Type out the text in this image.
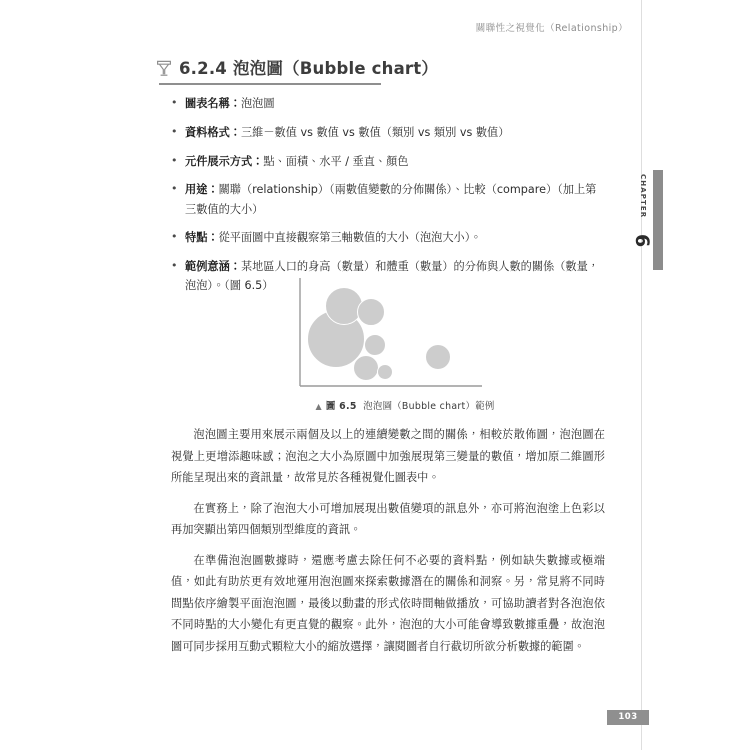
關聯性之視覺化（Relationship）
CHAPTER
6
6.2.4 泡泡圖（Bubble chart）
• 圖表名稱：泡泡圖
• 資料格式：三維－數值 vs 數值 vs 數值（類別 vs 類別 vs 數值）
• 元件展示方式：點、面積、水平 / 垂直、顏色
• 用途：關聯（relationship）（兩數值變數的分佈關係）、比較（compare）（加上第三數值的大小）
• 特點：從平面圖中直接觀察第三軸數值的大小（泡泡大小）。
• 範例意涵：某地區人口的身高（數量）和體重（數量）的分佈與人數的關係（數量，泡泡）。（圖 6.5）
▲ 圖 6.5 泡泡圖（Bubble chart）範例

泡泡圖主要用來展示兩個及以上的連續變數之間的關係，相較於散佈圖，泡泡圖在視覺上更增添趣味感；泡泡之大小為原圖中加強展現第三變量的數值，增加原二維圖形所能呈現出來的資訊量，故常見於各種視覺化圖表中。

在實務上，除了泡泡大小可增加展現出數值變項的訊息外，亦可將泡泡塗上色彩以再加突顯出第四個類別型維度的資訊。

在準備泡泡圖數據時，還應考慮去除任何不必要的資料點，例如缺失數據或極端值，如此有助於更有效地運用泡泡圖來探索數據潛在的關係和洞察。另，常見將不同時間點依序繪製平面泡泡圖，最後以動畫的形式依時間軸做播放，可協助讀者對各泡泡依不同時點的大小變化有更直覺的觀察。此外，泡泡的大小可能會導致數據重疊，故泡泡圖可同步採用互動式顆粒大小的縮放選擇，讓閱圖者自行截切所欲分析數據的範圍。

103
